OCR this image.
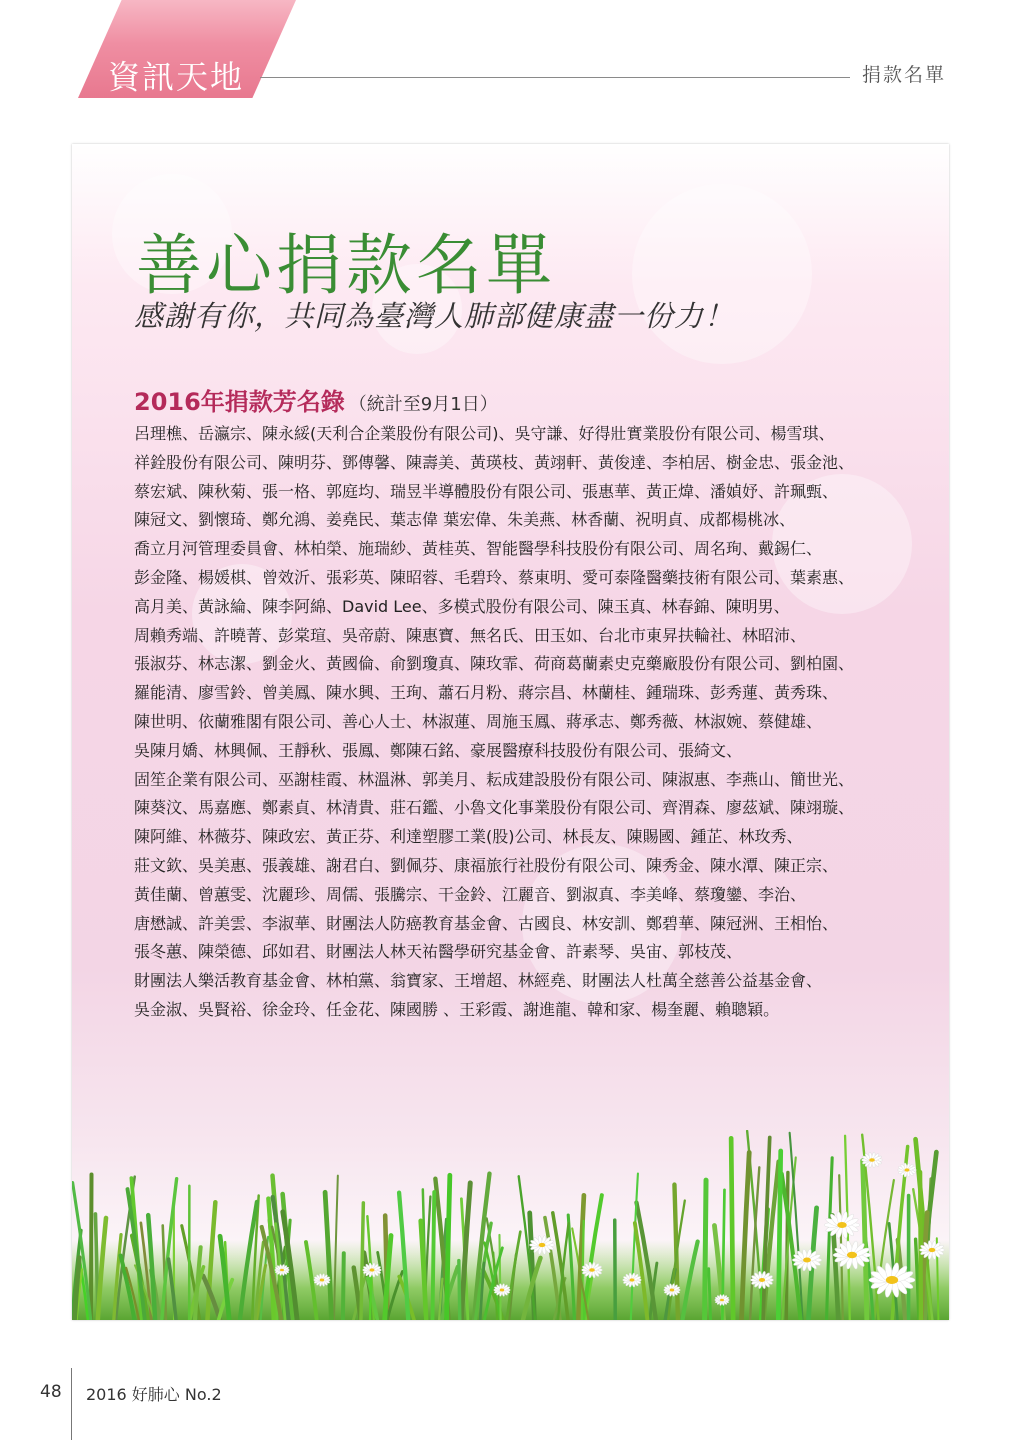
資訊天地	捐款名單
善心捐款名單

感謝有你，共同為臺灣人肺部健康盡一份力！

2016年捐款芳名錄 （統計至9月1日）
呂理樵、岳瀛宗、陳永綏(天利合企業股份有限公司)、吳守謙、好得壯實業股份有限公司、楊雪琪、
祥銓股份有限公司、陳明芬、鄧傳馨、陳壽美、黃瑛枝、黃翊軒、黃俊達、李柏居、樹金忠、張金池、
蔡宏斌、陳秋菊、張一格、郭庭均、瑞昱半導體股份有限公司、張惠華、黃正煒、潘媜妤、許珮甄、
陳冠文、劉懷琦、鄭允鴻、姜堯民、葉志偉 葉宏偉、朱美燕、林香蘭、祝明貞、成都楊桃冰、
喬立月河管理委員會、林柏榮、施瑞紗、黃桂英、智能醫學科技股份有限公司、周名珣、戴錫仁、
彭金隆、楊媛棋、曾效沂、張彩英、陳昭蓉、毛碧玲、蔡東明、愛可泰隆醫藥技術有限公司、葉素惠、
高月美、黃詠綸、陳李阿綿、David Lee、多模式股份有限公司、陳玉真、林春錦、陳明男、
周賴秀端、許曉菁、彭棠瑄、吳帝蔚、陳惠寶、無名氏、田玉如、台北市東昇扶輪社、林昭沛、
張淑芬、林志潔、劉金火、黃國倫、俞劉瓊真、陳玫霏、荷商葛蘭素史克藥廠股份有限公司、劉柏園、
羅能清、廖雪鈴、曾美鳳、陳水興、王珣、蕭石月粉、蔣宗昌、林蘭桂、鍾瑞珠、彭秀蓮、黃秀珠、
陳世明、依蘭雅閣有限公司、善心人士、林淑蓮、周施玉鳳、蔣承志、鄭秀薇、林淑婉、蔡健雄、
吳陳月嬌、林興佩、王靜秋、張鳳、鄭陳石銘、豪展醫療科技股份有限公司、張綺文、
固笙企業有限公司、巫謝桂霞、林溫淋、郭美月、耘成建設股份有限公司、陳淑惠、李燕山、簡世光、
陳葵汶、馬嘉應、鄭素貞、林清貴、莊石鑑、小魯文化事業股份有限公司、齊渭森、廖茲斌、陳翊璇、
陳阿維、林薇芬、陳政宏、黃正芬、利達塑膠工業(股)公司、林長友、陳賜國、鍾芷、林玫秀、
莊文欽、吳美惠、張義雄、謝君白、劉佩芬、康福旅行社股份有限公司、陳秀金、陳水潭、陳正宗、
黃佳蘭、曾蕙雯、沈麗珍、周儒、張騰宗、干金鈴、江麗音、劉淑真、李美峰、蔡瓊鑾、李治、
唐懋誠、許美雲、李淑華、財團法人防癌教育基金會、古國良、林安訓、鄭碧華、陳冠洲、王相怡、
張冬蕙、陳榮德、邱如君、財團法人林天祐醫學研究基金會、許素琴、吳宙、郭枝茂、
財團法人樂活教育基金會、林柏黨、翁寶家、王增超、林經堯、財團法人杜萬全慈善公益基金會、
吳金淑、吳賢裕、徐金玲、任金花、陳國勝 、王彩霞、謝進龍、韓和家、楊奎麗、賴聰穎。
48 2016 好肺心 No.2
